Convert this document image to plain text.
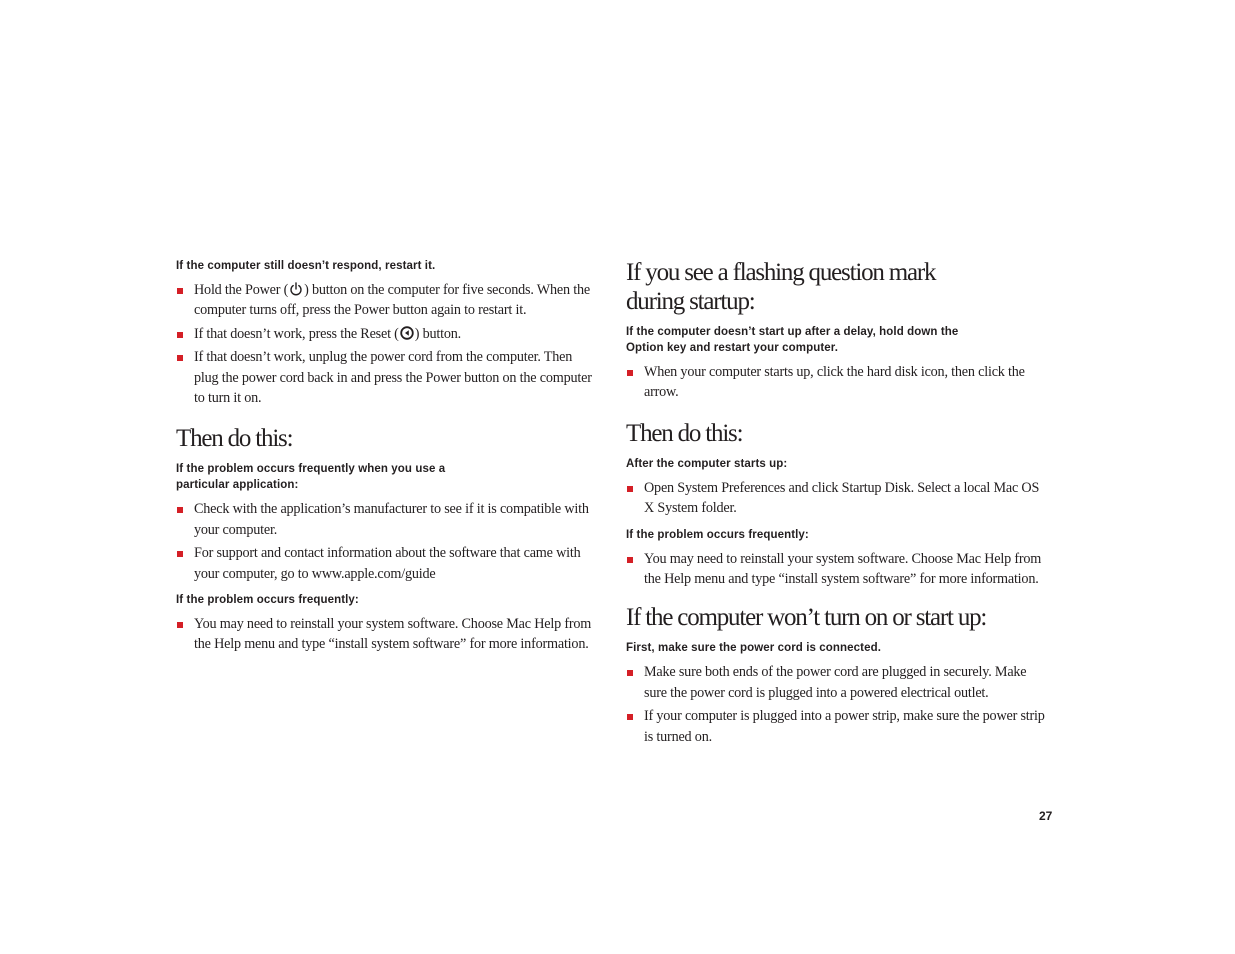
If the computer still doesn’t respond, restart it.
Hold the Power ( ) button on the computer for five seconds. When the computer turns off, press the Power button again to restart it.
If that doesn’t work, press the Reset ( ) button.
If that doesn’t work, unplug the power cord from the computer. Then plug the power cord back in and press the Power button on the computer to turn it on.
Then do this:
If the problem occurs frequently when you use a
particular application:
Check with the application’s manufacturer to see if it is compatible with your computer.
For support and contact information about the software that came with your computer, go to www.apple.com/guide
If the problem occurs frequently:
You may need to reinstall your system software. Choose Mac Help from the Help menu and type “install system software” for more information.
If you see a flashing question mark
during startup:
If the computer doesn’t start up after a delay, hold down the
Option key and restart your computer.
When your computer starts up, click the hard disk icon, then click the arrow.
Then do this:
After the computer starts up:
Open System Preferences and click Startup Disk. Select a local Mac OS X System folder.
If the problem occurs frequently:
You may need to reinstall your system software. Choose Mac Help from the Help menu and type “install system software” for more information.
If the computer won’t turn on or start up:
First, make sure the power cord is connected.
Make sure both ends of the power cord are plugged in securely. Make sure the power cord is plugged into a powered electrical outlet.
If your computer is plugged into a power strip, make sure the power strip is turned on.
27
